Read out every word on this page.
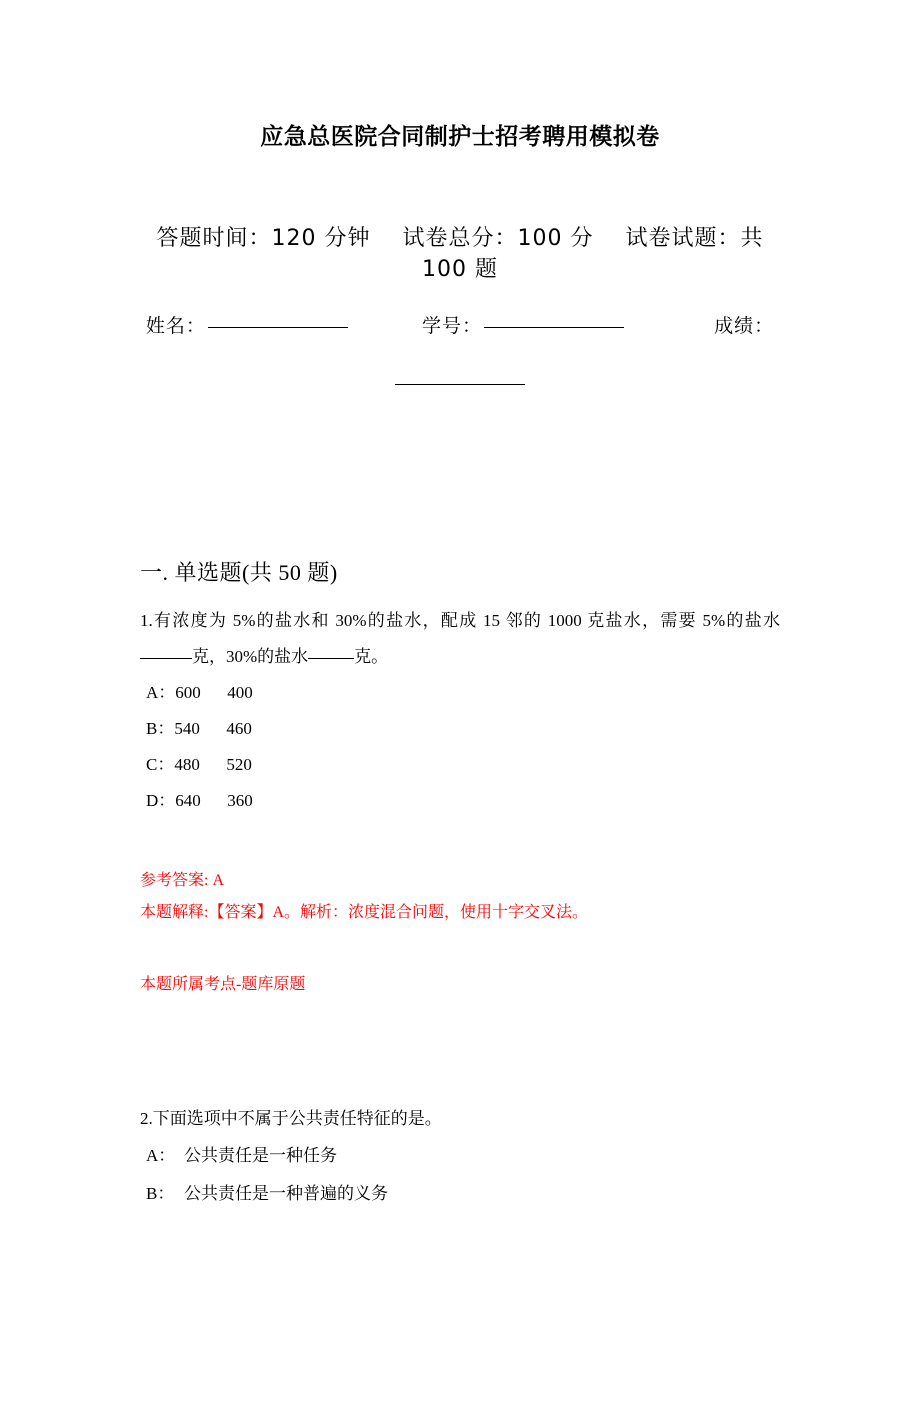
应急总医院合同制护士招考聘用模拟卷
答题时间：120 分钟 试卷总分：100 分 试卷试题：共 100 题
姓名：	学号：	成绩：
一. 单选题(共 50 题)
1.有浓度为 5%的盐水和 30%的盐水，配成 15 邻的 1000 克盐水，需要 5%的盐水克，30%的盐水	克。
A：600 400
B：540 460
C：480 520
D：640 360
参考答案: A
本题解释:【答案】A。解析：浓度混合问题，使用十字交叉法。
本题所属考点-题库原题
2.下面选项中不属于公共责任特征的是。
A： 公共责任是一种任务
B： 公共责任是一种普遍的义务
